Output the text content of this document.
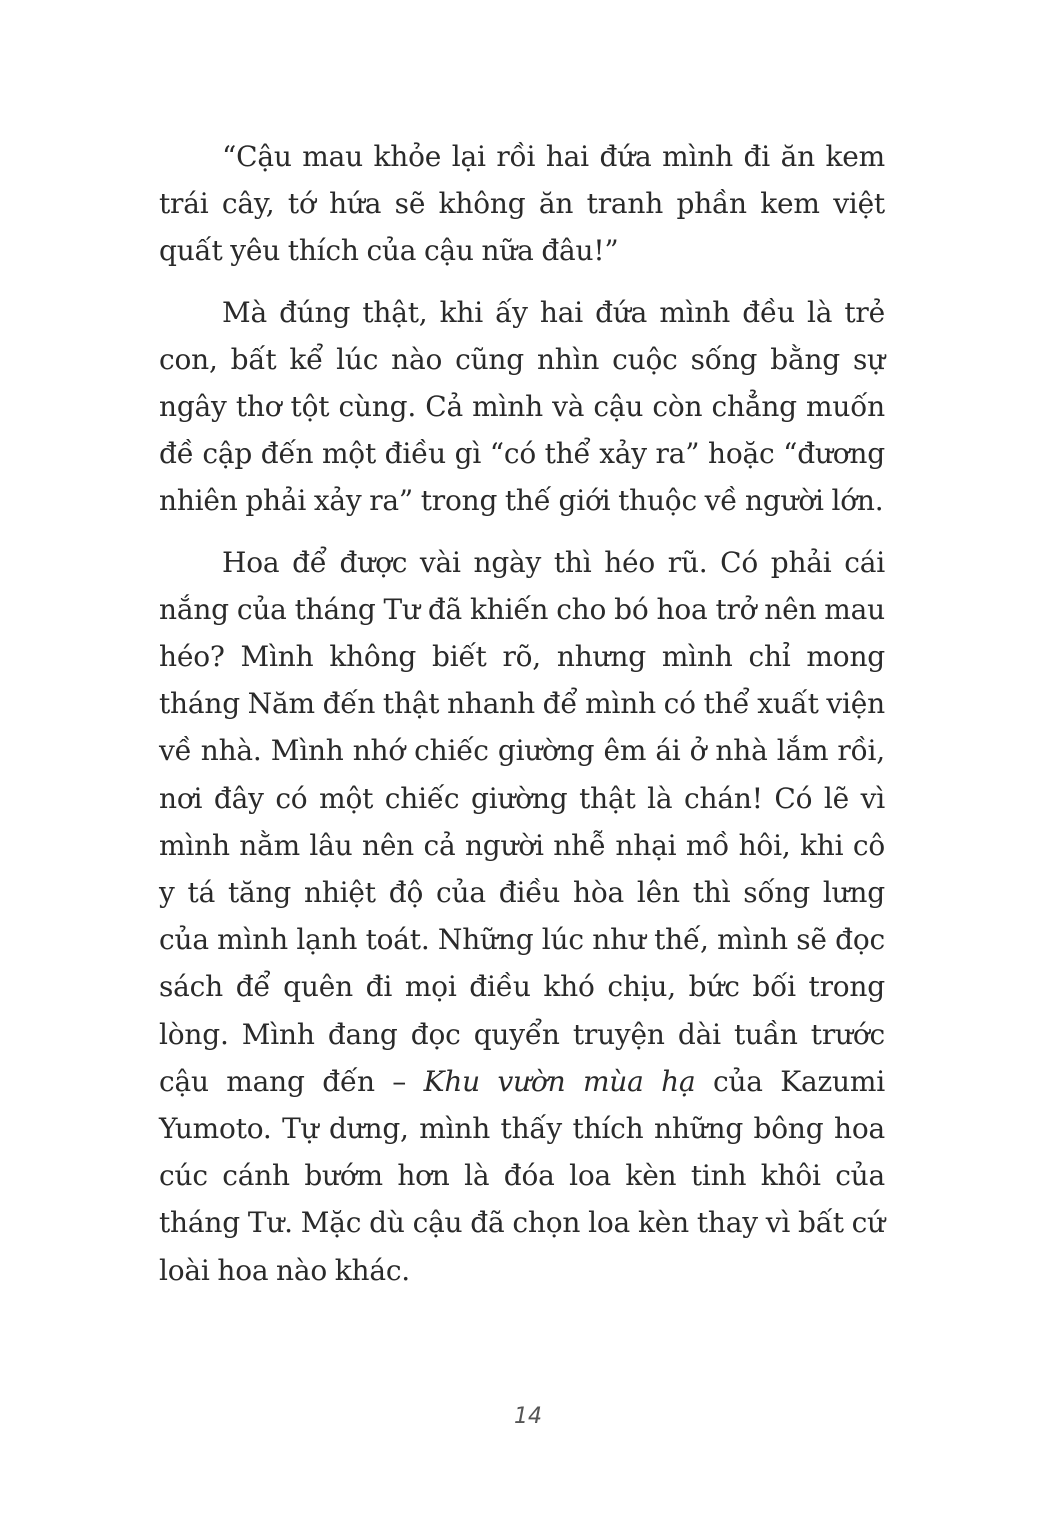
“Cậu mau khỏe lại rồi hai đứa mình đi ăn kem trái cây, tớ hứa sẽ không ăn tranh phần kem việt quất yêu thích của cậu nữa đâu!”

Mà đúng thật, khi ấy hai đứa mình đều là trẻ con, bất kể lúc nào cũng nhìn cuộc sống bằng sự ngây thơ tột cùng. Cả mình và cậu còn chẳng muốn đề cập đến một điều gì “có thể xảy ra” hoặc “đương nhiên phải xảy ra” trong thế giới thuộc về người lớn.

Hoa để được vài ngày thì héo rũ. Có phải cái nắng của tháng Tư đã khiến cho bó hoa trở nên mau héo? Mình không biết rõ, nhưng mình chỉ mong tháng Năm đến thật nhanh để mình có thể xuất viện về nhà. Mình nhớ chiếc giường êm ái ở nhà lắm rồi, nơi đây có một chiếc giường thật là chán! Có lẽ vì mình nằm lâu nên cả người nhễ nhại mồ hôi, khi cô y tá tăng nhiệt độ của điều hòa lên thì sống lưng của mình lạnh toát. Những lúc như thế, mình sẽ đọc sách để quên đi mọi điều khó chịu, bức bối trong lòng. Mình đang đọc quyển truyện dài tuần trước cậu mang đến – Khu vườn mùa hạ của Kazumi Yumoto. Tự dưng, mình thấy thích những bông hoa cúc cánh bướm hơn là đóa loa kèn tinh khôi của tháng Tư. Mặc dù cậu đã chọn loa kèn thay vì bất cứ loài hoa nào khác.

14
